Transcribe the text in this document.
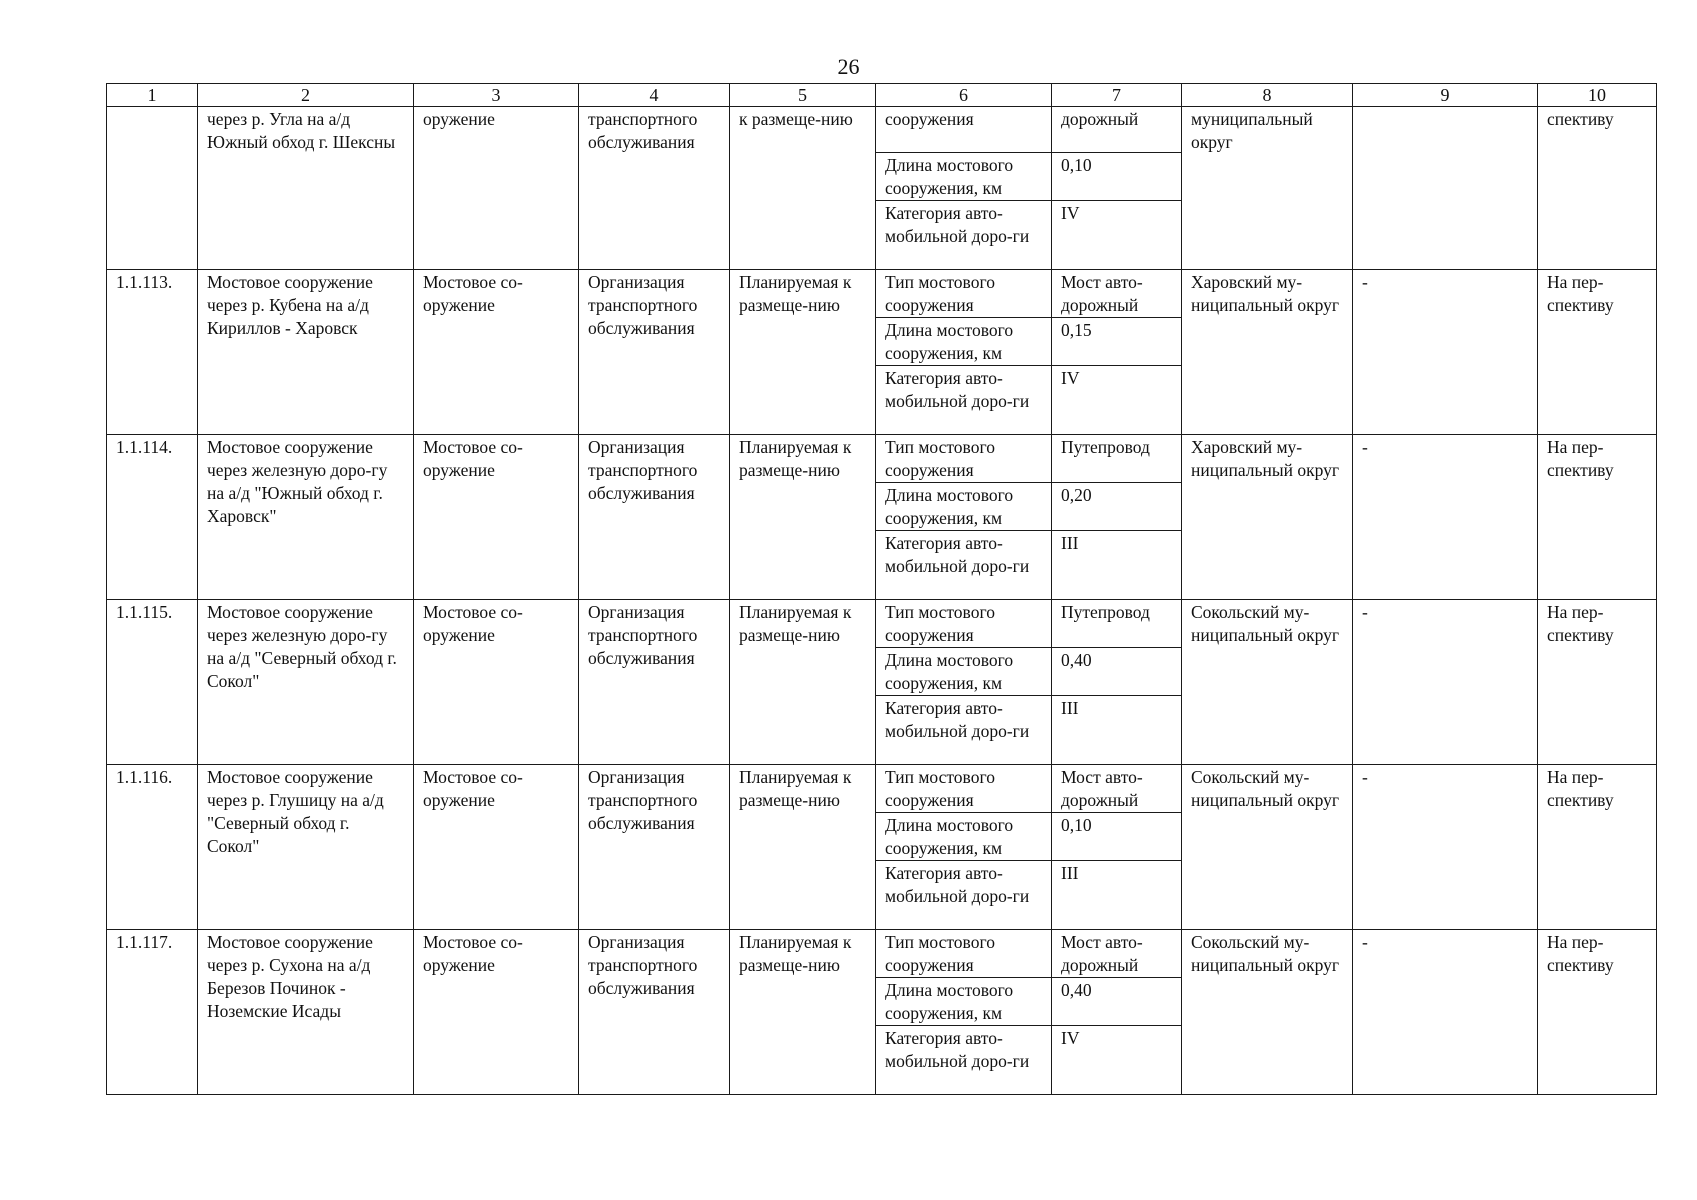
26
1	2	3	4	5	6	7	8	9	10
	через р. Угла на а/д Южный обход г. Шексны	оружение	транспортного обслуживания	к размеще-нию	сооружения	дорожный	муниципальный округ		спективу
					Длина мостового сооружения, км	0,10			
					Категория авто-мобильной доро-ги	IV			
1.1.113.	Мостовое сооружение через р. Кубена на а/д Кириллов - Харовск	Мостовое со-оружение	Организация транспортного обслуживания	Планируемая к размеще-нию	Тип мостового сооружения	Мост авто-дорожный	Харовский му-ниципальный округ	-	На пер-спективу
					Длина мостового сооружения, км	0,15			
					Категория авто-мобильной доро-ги	IV			
1.1.114.	Мостовое сооружение через железную доро-гу на а/д "Южный обход г. Харовск"	Мостовое со-оружение	Организация транспортного обслуживания	Планируемая к размеще-нию	Тип мостового сооружения	Путепровод	Харовский му-ниципальный округ	-	На пер-спективу
					Длина мостового сооружения, км	0,20			
					Категория авто-мобильной доро-ги	III			
1.1.115.	Мостовое сооружение через железную доро-гу на а/д "Северный обход г. Сокол"	Мостовое со-оружение	Организация транспортного обслуживания	Планируемая к размеще-нию	Тип мостового сооружения	Путепровод	Сокольский му-ниципальный округ	-	На пер-спективу
					Длина мостового сооружения, км	0,40			
					Категория авто-мобильной доро-ги	III			
1.1.116.	Мостовое сооружение через р. Глушицу на а/д "Северный обход г. Сокол"	Мостовое со-оружение	Организация транспортного обслуживания	Планируемая к размеще-нию	Тип мостового сооружения	Мост авто-дорожный	Сокольский му-ниципальный округ	-	На пер-спективу
					Длина мостового сооружения, км	0,10			
					Категория авто-мобильной доро-ги	III			
1.1.117.	Мостовое сооружение через р. Сухона на а/д Березов Починок - Ноземские Исады	Мостовое со-оружение	Организация транспортного обслуживания	Планируемая к размеще-нию	Тип мостового сооружения	Мост авто-дорожный	Сокольский му-ниципальный округ	-	На пер-спективу
					Длина мостового сооружения, км	0,40			
					Категория авто-мобильной доро-ги	IV			
